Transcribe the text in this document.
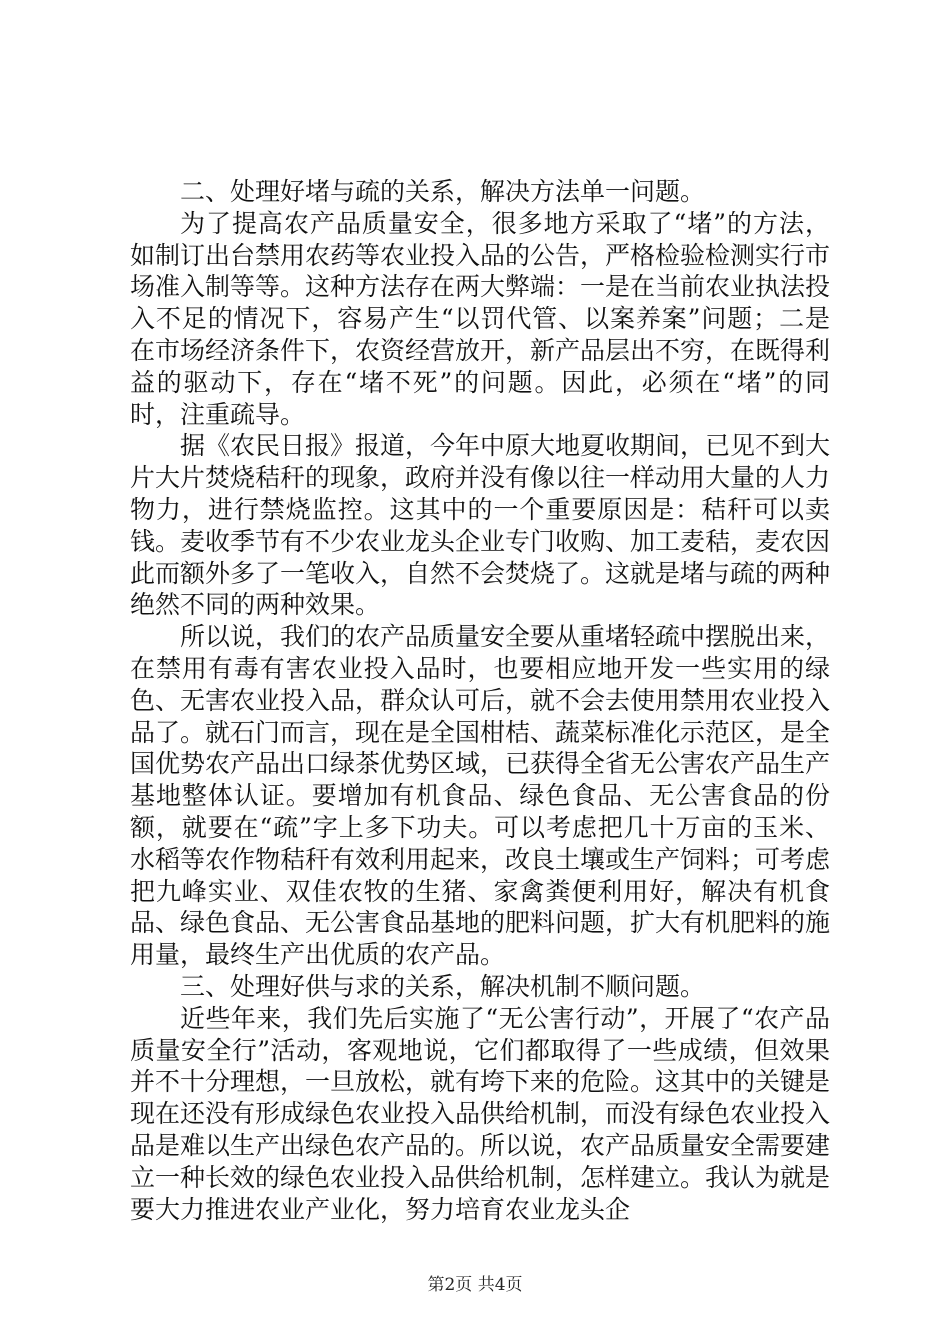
二、处理好堵与疏的关系，解决方法单一问题。

为了提高农产品质量安全，很多地方采取了“堵”的方法，如制订出台禁用农药等农业投入品的公告，严格检验检测实行市场准入制等等。这种方法存在两大弊端：一是在当前农业执法投入不足的情况下，容易产生“以罚代管、以案养案”问题；二是在市场经济条件下，农资经营放开，新产品层出不穷，在既得利益的驱动下，存在“堵不死”的问题。因此，必须在“堵”的同时，注重疏导。

据《农民日报》报道，今年中原大地夏收期间，已见不到大片大片焚烧秸秆的现象，政府并没有像以往一样动用大量的人力物力，进行禁烧监控。这其中的一个重要原因是：秸秆可以卖钱。麦收季节有不少农业龙头企业专门收购、加工麦秸，麦农因此而额外多了一笔收入，自然不会焚烧了。这就是堵与疏的两种绝然不同的两种效果。

所以说，我们的农产品质量安全要从重堵轻疏中摆脱出来，在禁用有毒有害农业投入品时，也要相应地开发一些实用的绿色、无害农业投入品，群众认可后，就不会去使用禁用农业投入品了。就石门而言，现在是全国柑桔、蔬菜标准化示范区，是全国优势农产品出口绿茶优势区域，已获得全省无公害农产品生产基地整体认证。要增加有机食品、绿色食品、无公害食品的份额，就要在“疏”字上多下功夫。可以考虑把几十万亩的玉米、水稻等农作物秸秆有效利用起来，改良土壤或生产饲料；可考虑把九峰实业、双佳农牧的生猪、家禽粪便利用好，解决有机食品、绿色食品、无公害食品基地的肥料问题，扩大有机肥料的施用量，最终生产出优质的农产品。

三、处理好供与求的关系，解决机制不顺问题。

近些年来，我们先后实施了“无公害行动”，开展了“农产品质量安全行”活动，客观地说，它们都取得了一些成绩，但效果并不十分理想，一旦放松，就有垮下来的危险。这其中的关键是现在还没有形成绿色农业投入品供给机制，而没有绿色农业投入品是难以生产出绿色农产品的。所以说，农产品质量安全需要建立一种长效的绿色农业投入品供给机制，怎样建立。我认为就是要大力推进农业产业化，努力培育农业龙头企

第2页 共4页
